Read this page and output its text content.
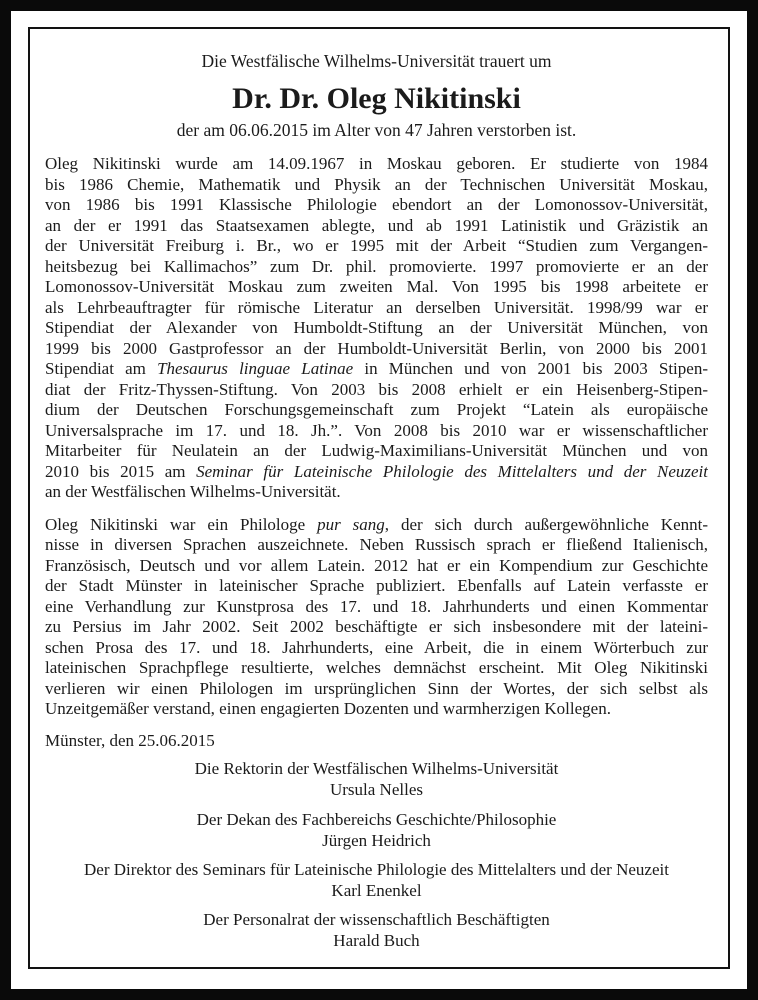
Die Westfälische Wilhelms-Universität trauert um
Dr. Dr. Oleg Nikitinski
der am 06.06.2015 im Alter von 47 Jahren verstorben ist.
Oleg Nikitinski wurde am 14.09.1967 in Moskau geboren. Er studierte von 1984
bis 1986 Chemie, Mathematik und Physik an der Technischen Universität Moskau,
von 1986 bis 1991 Klassische Philologie ebendort an der Lomonossov-Universität,
an der er 1991 das Staatsexamen ablegte, und ab 1991 Latinistik und Gräzistik an
der Universität Freiburg i. Br., wo er 1995 mit der Arbeit “Studien zum Vergangen-
heitsbezug bei Kallimachos” zum Dr. phil. promovierte. 1997 promovierte er an der
Lomonossov-Universität Moskau zum zweiten Mal. Von 1995 bis 1998 arbeitete er
als Lehrbeauftragter für römische Literatur an derselben Universität. 1998/99 war er
Stipendiat der Alexander von Humboldt-Stiftung an der Universität München, von
1999 bis 2000 Gastprofessor an der Humboldt-Universität Berlin, von 2000 bis 2001
Stipendiat am Thesaurus linguae Latinae in München und von 2001 bis 2003 Stipen-
diat der Fritz-Thyssen-Stiftung. Von 2003 bis 2008 erhielt er ein Heisenberg-Stipen-
dium der Deutschen Forschungsgemeinschaft zum Projekt “Latein als europäische
Universalsprache im 17. und 18. Jh.”. Von 2008 bis 2010 war er wissenschaftlicher
Mitarbeiter für Neulatein an der Ludwig-Maximilians-Universität München und von
2010 bis 2015 am Seminar für Lateinische Philologie des Mittelalters und der Neuzeit
an der Westfälischen Wilhelms-Universität.
Oleg Nikitinski war ein Philologe pur sang, der sich durch außergewöhnliche Kennt-
nisse in diversen Sprachen auszeichnete. Neben Russisch sprach er fließend Italienisch,
Französisch, Deutsch und vor allem Latein. 2012 hat er ein Kompendium zur Geschichte
der Stadt Münster in lateinischer Sprache publiziert. Ebenfalls auf Latein verfasste er
eine Verhandlung zur Kunstprosa des 17. und 18. Jahrhunderts und einen Kommentar
zu Persius im Jahr 2002. Seit 2002 beschäftigte er sich insbesondere mit der lateini-
schen Prosa des 17. und 18. Jahrhunderts, eine Arbeit, die in einem Wörterbuch zur
lateinischen Sprachpflege resultierte, welches demnächst erscheint. Mit Oleg Nikitinski
verlieren wir einen Philologen im ursprünglichen Sinn der Wortes, der sich selbst als
Unzeitgemäßer verstand, einen engagierten Dozenten und warmherzigen Kollegen.
Münster, den 25.06.2015
Die Rektorin der Westfälischen Wilhelms-Universität
Ursula Nelles
Der Dekan des Fachbereichs Geschichte/Philosophie
Jürgen Heidrich
Der Direktor des Seminars für Lateinische Philologie des Mittelalters und der Neuzeit
Karl Enenkel
Der Personalrat der wissenschaftlich Beschäftigten
Harald Buch
